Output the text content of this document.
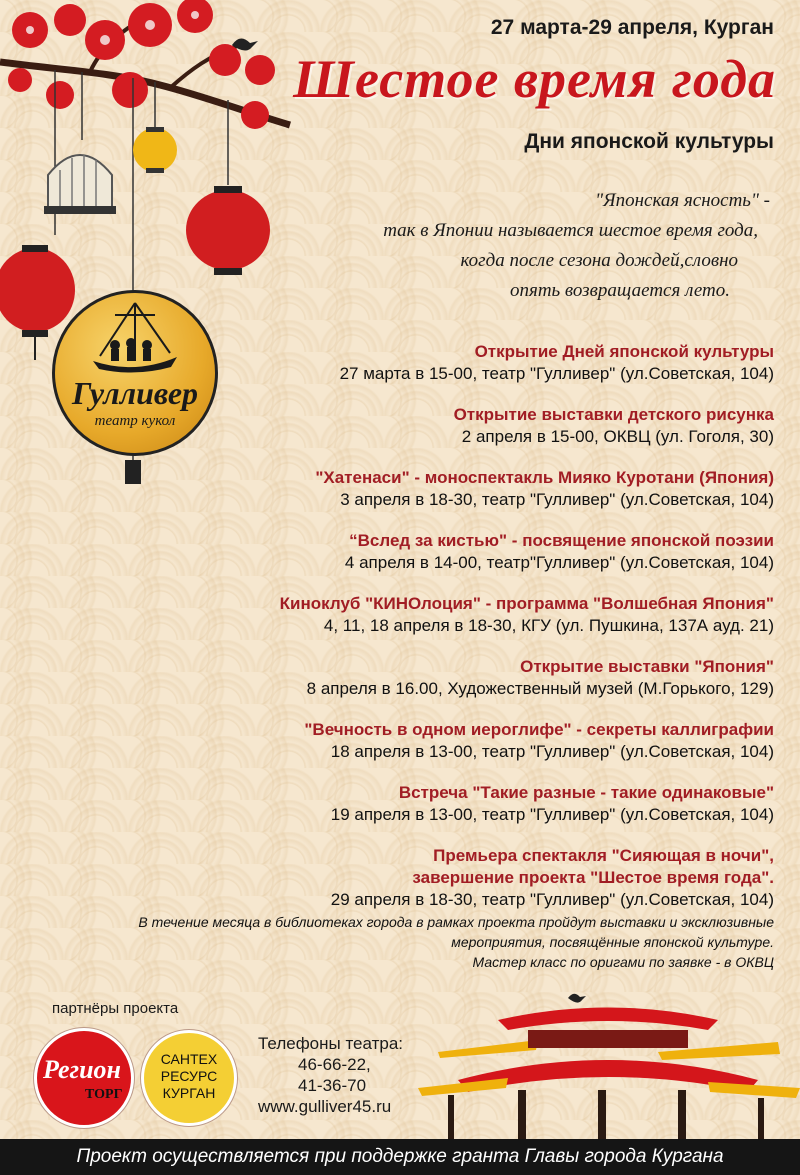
Гулливер
театр кукол
27 марта-29 апреля, Курган
Шестое время года
Дни японской культуры
"Японская ясность" -
так в Японии называется шестое время года,
когда после сезона дождей,словно
опять возвращается лето.
Открытие Дней японской культуры
27 марта в 15-00, театр "Гулливер" (ул.Советская, 104)
Открытие выставки детского рисунка
2 апреля в 15-00, ОКВЦ (ул. Гоголя, 30)
"Хатенаси" - моноспектакль Мияко Куротани (Япония)
3 апреля в 18-30, театр "Гулливер" (ул.Советская, 104)
“Вслед за кистью" - посвящение японской поэзии
4 апреля в 14-00, театр"Гулливер" (ул.Советская, 104)
Киноклуб "КИНОлоция" - программа "Волшебная Япония"
4, 11, 18 апреля в 18-30, КГУ (ул. Пушкина, 137А ауд. 21)
Открытие выставки "Япония"
8 апреля в 16.00, Художественный музей (М.Горького, 129)
"Вечность в одном иероглифе" - секреты каллиграфии
18 апреля в 13-00, театр "Гулливер" (ул.Советская, 104)
Встреча "Такие разные - такие одинаковые"
19 апреля в 13-00, театр "Гулливер" (ул.Советская, 104)
Премьера спектакля "Сияющая в ночи",
завершение проекта "Шестое время года".
29 апреля в 18-30, театр "Гулливер" (ул.Советская, 104)
В течение месяца в библиотеках города в рамках проекта пройдут выставки и эксклюзивные
мероприятия, посвящённые японской культуре.
Мастер класс по оригами по заявке - в ОКВЦ
партнёры проекта
Регион
ТОРГ
САНТЕХ
РЕСУРС
КУРГАН
Телефоны театра:
46-66-22,
41-36-70
www.gulliver45.ru
Проект осуществляется при поддержке гранта Главы города Кургана
